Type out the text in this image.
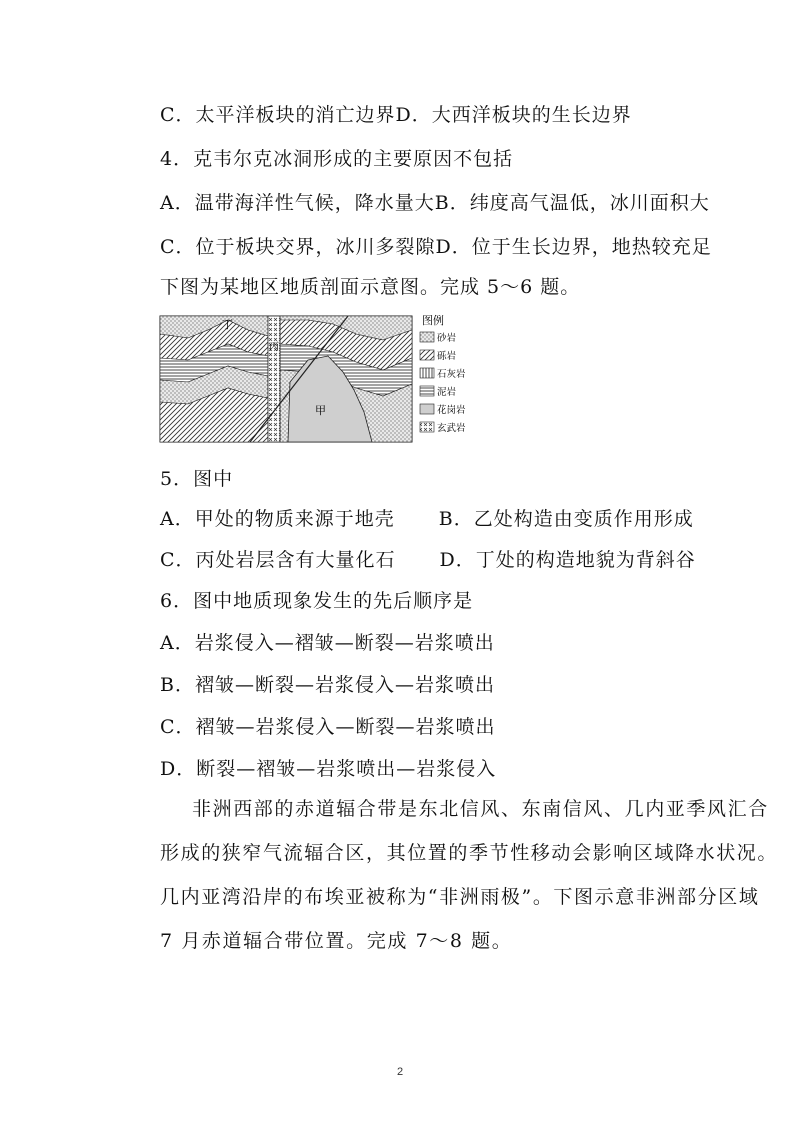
C．太平洋板块的消亡边界D．大西洋板块的生长边界
4．克韦尔克冰洞形成的主要原因不包括
A．温带海洋性气候，降水量大B．纬度高气温低，冰川面积大
C．位于板块交界，冰川多裂隙D．位于生长边界，地热较充足
下图为某地区地质剖面示意图。完成 5～6 题。
丁
丙
甲
图例
砂岩
砾岩
石灰岩
泥岩
花岗岩
玄武岩
5．图中
A．甲处的物质来源于地壳 B．乙处构造由变质作用形成
C．丙处岩层含有大量化石 D．丁处的构造地貌为背斜谷
6．图中地质现象发生的先后顺序是
A．岩浆侵入—褶皱—断裂—岩浆喷出
B．褶皱—断裂—岩浆侵入—岩浆喷出
C．褶皱—岩浆侵入—断裂—岩浆喷出
D．断裂—褶皱—岩浆喷出—岩浆侵入
非洲西部的赤道辐合带是东北信风、东南信风、几内亚季风汇合
形成的狭窄气流辐合区，其位置的季节性移动会影响区域降水状况。
几内亚湾沿岸的布埃亚被称为“非洲雨极”。下图示意非洲部分区域
7 月赤道辐合带位置。完成 7～8 题。
2
